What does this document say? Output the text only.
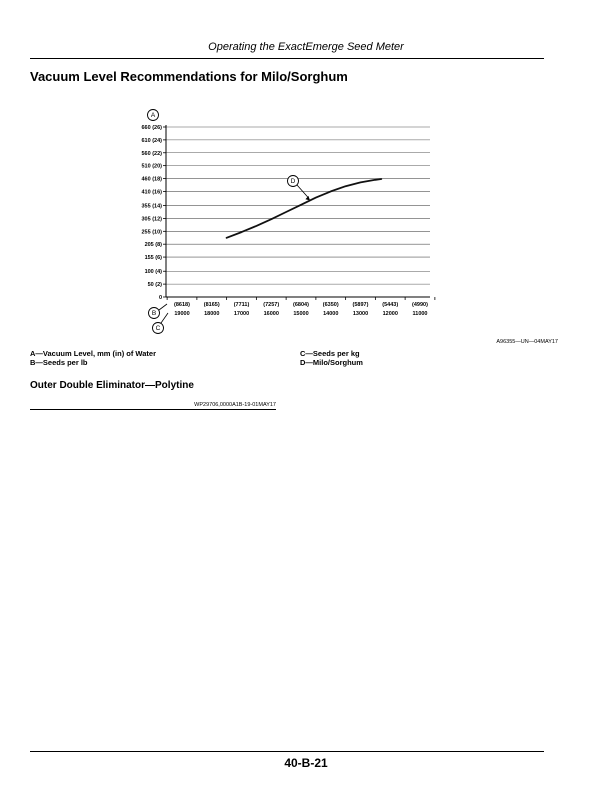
Operating the ExactEmerge Seed Meter
Vacuum Level Recommendations for Milo/Sorghum
0
50 (2)
100 (4)
155 (6)
205 (8)
255 (10)
305 (12)
355 (14)
410 (16)
460 (18)
510 (20)
560 (22)
610 (24)
660 (26)
(8618)	(8165)	(7711)	(7257)	(6804)	(6350)	(5897)	(5443)	(4990)
19000	18000	17000	16000	15000	14000	13000	12000	11000
A
B
C
D
A96355—UN—04MAY17
A—Vacuum Level, mm (in) of Water
B—Seeds per lb
C—Seeds per kg
D—Milo/Sorghum
Outer Double Eliminator—Polytine
WP29706,0000A1B-19-01MAY17
40-B-21
